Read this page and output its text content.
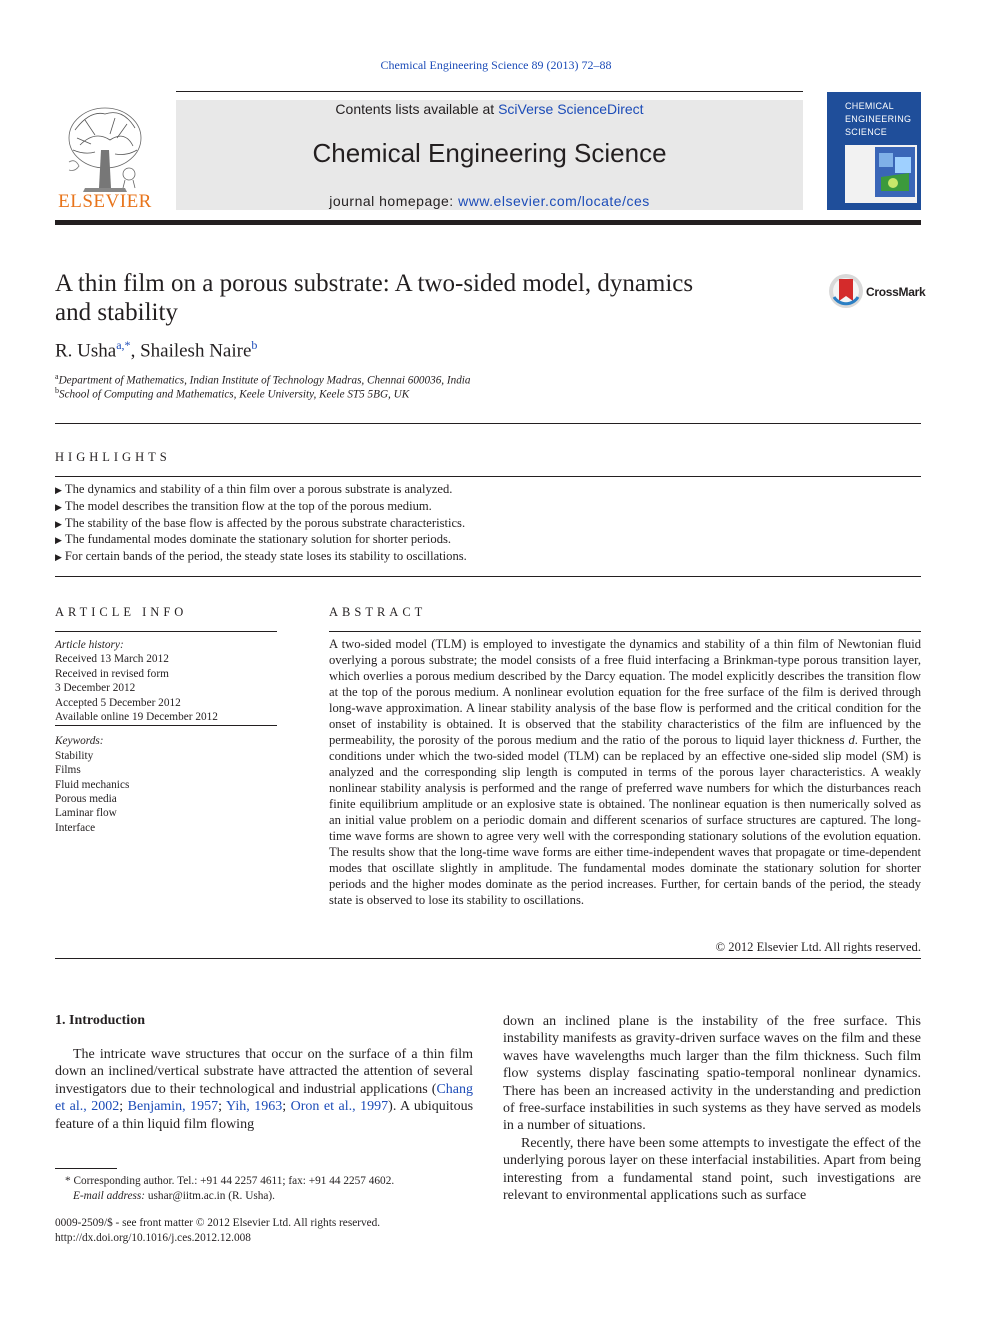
Chemical Engineering Science 89 (2013) 72–88
ELSEVIER
Contents lists available at SciVerse ScienceDirect
Chemical Engineering Science
journal homepage: www.elsevier.com/locate/ces
CHEMICAL
ENGINEERING
SCIENCE
A thin film on a porous substrate: A two-sided model, dynamics
and stability
CrossMark
R. Usha$^{a,*}$, Shailesh Naire$^b$
$^a$Department of Mathematics, Indian Institute of Technology Madras, Chennai 600036, India
$^b$School of Computing and Mathematics, Keele University, Keele ST5 5BG, UK
HIGHLIGHTS
▶ The dynamics and stability of a thin film over a porous substrate is analyzed.
▶ The model describes the transition flow at the top of the porous medium.
▶ The stability of the base flow is affected by the porous substrate characteristics.
▶ The fundamental modes dominate the stationary solution for shorter periods.
▶ For certain bands of the period, the steady state loses its stability to oscillations.
ARTICLE INFO
Article history:
Received 13 March 2012
Received in revised form
3 December 2012
Accepted 5 December 2012
Available online 19 December 2012
Keywords:
Stability
Films
Fluid mechanics
Porous media
Laminar flow
Interface
ABSTRACT
A two-sided model (TLM) is employed to investigate the dynamics and stability of a thin film of Newtonian fluid overlying a porous substrate; the model consists of a free fluid interfacing a Brinkman-type porous transition layer, which overlies a porous medium described by the Darcy equation. The model explicitly describes the transition flow at the top of the porous medium. A nonlinear evolution equation for the free surface of the film is derived through long-wave approximation. A linear stability analysis of the base flow is performed and the critical condition for the onset of instability is obtained. It is observed that the stability characteristics of the film are influenced by the permeability, the porosity of the porous medium and the ratio of the porous to liquid layer thickness d. Further, the conditions under which the two-sided model (TLM) can be replaced by an effective one-sided slip model (SM) is analyzed and the corresponding slip length is computed in terms of the porous layer characteristics. A weakly nonlinear stability analysis is performed and the range of preferred wave numbers for which the disturbances reach finite equilibrium amplitude or an explosive state is obtained. The nonlinear equation is then numerically solved as an initial value problem on a periodic domain and different scenarios of surface structures are captured. The long-time wave forms are shown to agree very well with the corresponding stationary solutions of the evolution equation. The results show that the long-time wave forms are either time-independent waves that propagate or time-dependent modes that oscillate slightly in amplitude. The fundamental modes dominate the stationary solution for shorter periods and the higher modes dominate as the period increases. Further, for certain bands of the period, the steady state is observed to lose its stability to oscillations.
© 2012 Elsevier Ltd. All rights reserved.
1. Introduction

The intricate wave structures that occur on the surface of a thin film down an inclined/vertical substrate have attracted the attention of several investigators due to their technological and industrial applications (Chang et al., 2002; Benjamin, 1957; Yih, 1963; Oron et al., 1997). A ubiquitous feature of a thin liquid film flowing

down an inclined plane is the instability of the free surface. This instability manifests as gravity-driven surface waves on the film and these waves have wavelengths much larger than the film thickness. Such film flow systems display fascinating spatio-temporal nonlinear dynamics. There has been an increased activity in the understanding and prediction of free-surface instabilities in such systems as they have served as models in a number of situations.

Recently, there have been some attempts to investigate the effect of the underlying porous layer on these interfacial instabilities. Apart from being interesting from a fundamental stand point, such investigations are relevant to environmental applications such as surface

* Corresponding author. Tel.: +91 44 2257 4611; fax: +91 44 2257 4602.
E-mail address: ushar@iitm.ac.in (R. Usha).
0009-2509/$ - see front matter © 2012 Elsevier Ltd. All rights reserved.
http://dx.doi.org/10.1016/j.ces.2012.12.008
